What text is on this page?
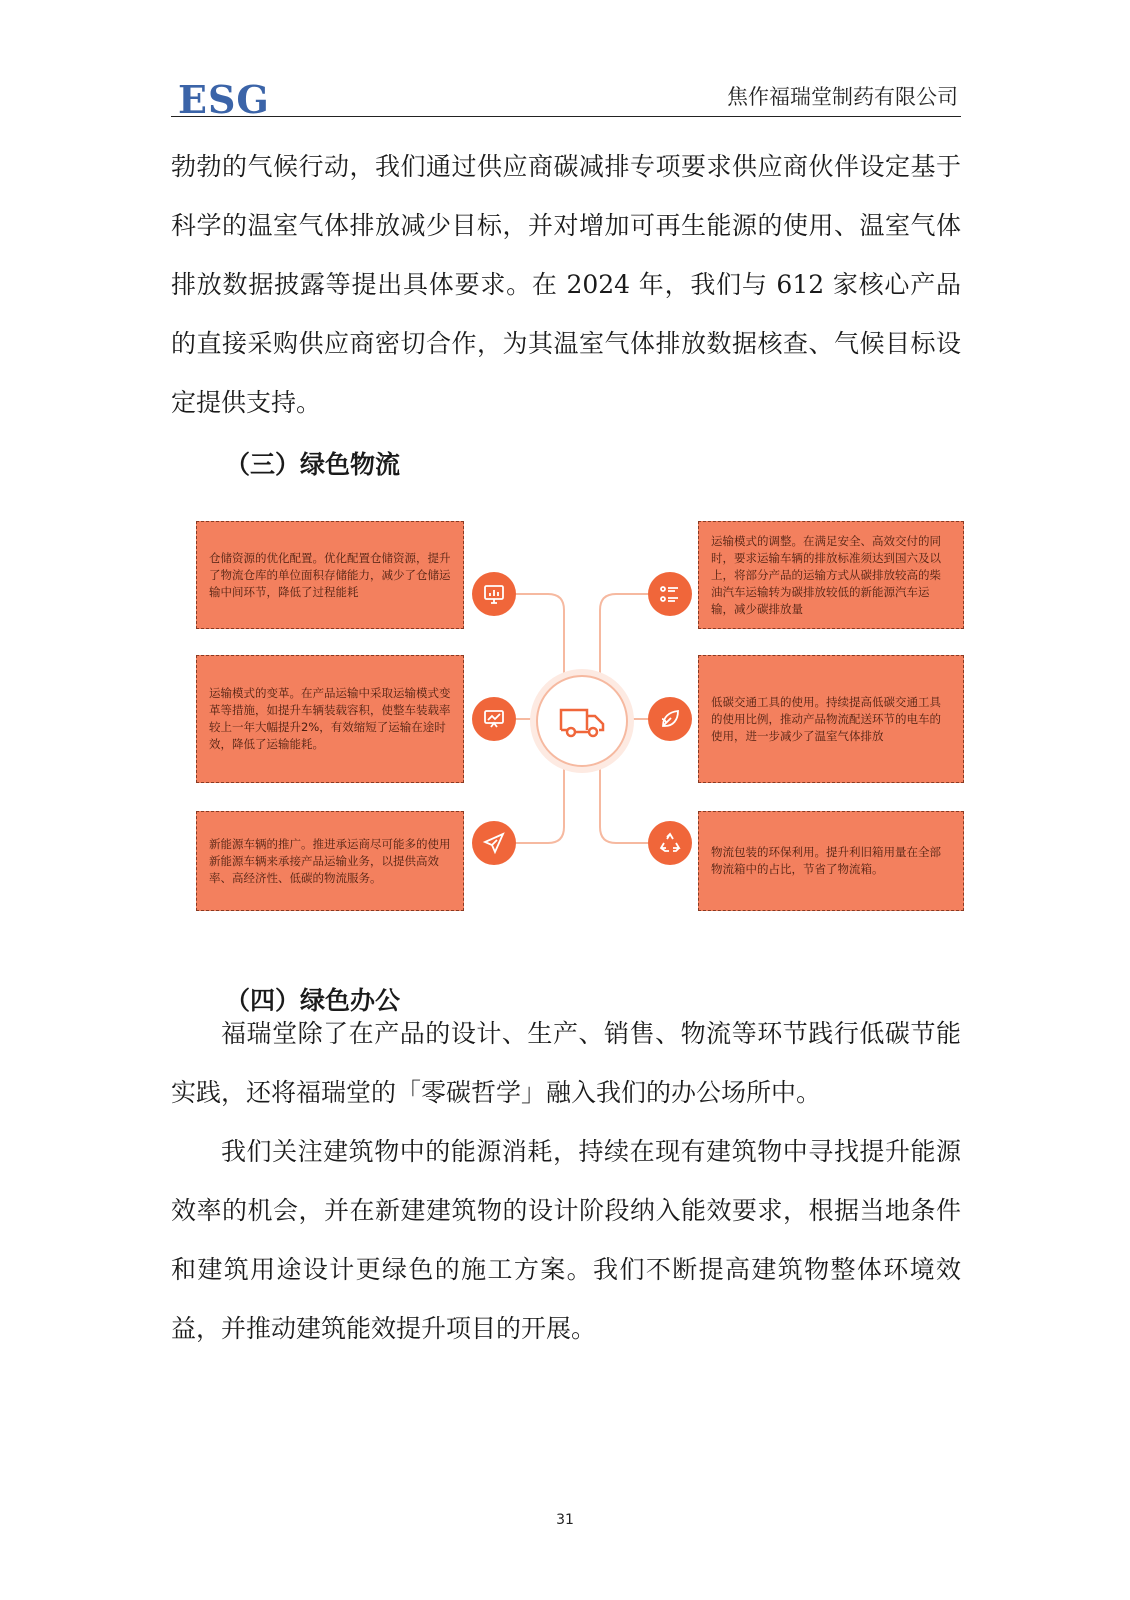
ESG	焦作福瑞堂制药有限公司

勃勃的气候行动，我们通过供应商碳减排专项要求供应商伙伴设定基于科学的温室气体排放减少目标，并对增加可再生能源的使用、温室气体排放数据披露等提出具体要求。在 2024 年，我们与 612 家核心产品的直接采购供应商密切合作，为其温室气体排放数据核查、气候目标设定提供支持。

（三）绿色物流
仓储资源的优化配置。优化配置仓储资源，提升了物流仓库的单位面积存储能力，减少了仓储运输中间环节，降低了过程能耗
运输模式的变革。在产品运输中采取运输模式变革等措施，如提升车辆装载容积，使整车装载率较上一年大幅提升2%，有效缩短了运输在途时效，降低了运输能耗。
新能源车辆的推广。推进承运商尽可能多的使用新能源车辆来承接产品运输业务，以提供高效率、高经济性、低碳的物流服务。
运输模式的调整。在满足安全、高效交付的同时，要求运输车辆的排放标准须达到国六及以上，将部分产品的运输方式从碳排放较高的柴油汽车运输转为碳排放较低的新能源汽车运输，减少碳排放量
低碳交通工具的使用。持续提高低碳交通工具的使用比例，推动产品物流配送环节的电车的使用，进一步减少了温室气体排放
物流包装的环保利用。提升利旧箱用量在全部物流箱中的占比，节省了物流箱。
（四）绿色办公

福瑞堂除了在产品的设计、生产、销售、物流等环节践行低碳节能实践，还将福瑞堂的「零碳哲学」融入我们的办公场所中。

我们关注建筑物中的能源消耗，持续在现有建筑物中寻找提升能源效率的机会，并在新建建筑物的设计阶段纳入能效要求，根据当地条件和建筑用途设计更绿色的施工方案。我们不断提高建筑物整体环境效益，并推动建筑能效提升项目的开展。

31
